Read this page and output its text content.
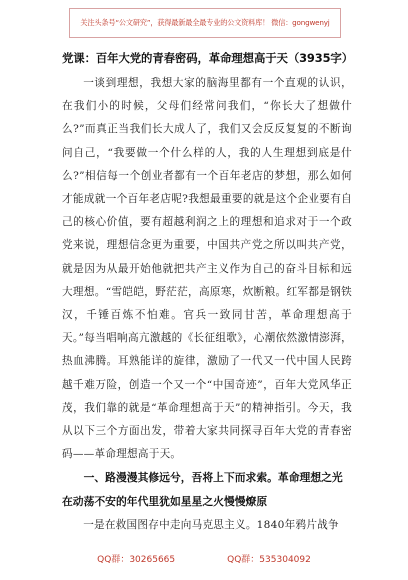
关注头条号“公文研究”，获得最新最全最专业的公文资料库！ 微信：gongwenyj
党课：百年大党的青春密码，革命理想高于天（3935字）

一谈到理想，我想大家的脑海里都有一个直观的认识，在我们小的时候，父母们经常问我们，“你长大了想做什么?”而真正当我们长大成人了，我们又会反反复复的不断询问自己，“我要做一个什么样的人，我的人生理想到底是什么?”相信每一个创业者都有一个百年老店的梦想，那么如何才能成就一个百年老店呢?我想最重要的就是这个企业要有自己的核心价值，要有超越利润之上的理想和追求对于一个政党来说，理想信念更为重要，中国共产党之所以叫共产党，就是因为从最开始他就把共产主义作为自己的奋斗目标和远大理想。“雪皑皑，野茫茫，高原寒，炊断粮。红军都是钢铁汉，千锤百炼不怕难。官兵一致同甘苦，革命理想高于天。”每当唱响高亢激越的《长征组歌》，心潮依然激情澎湃，热血沸腾。耳熟能详的旋律，激励了一代又一代中国人民跨越千难万险，创造一个又一个“中国奇迹”，百年大党风华正茂，我们靠的就是“革命理想高于天”的精神指引。今天，我从以下三个方面出发，带着大家共同探寻百年大党的青春密码——革命理想高于天。

一、路漫漫其修远兮，吾将上下而求索。革命理想之光在动荡不安的年代里犹如星星之火慢慢燎原

一是在救国图存中走向马克思主义。1840年鸦片战争

QQ群：30265665	QQ群：535304092
